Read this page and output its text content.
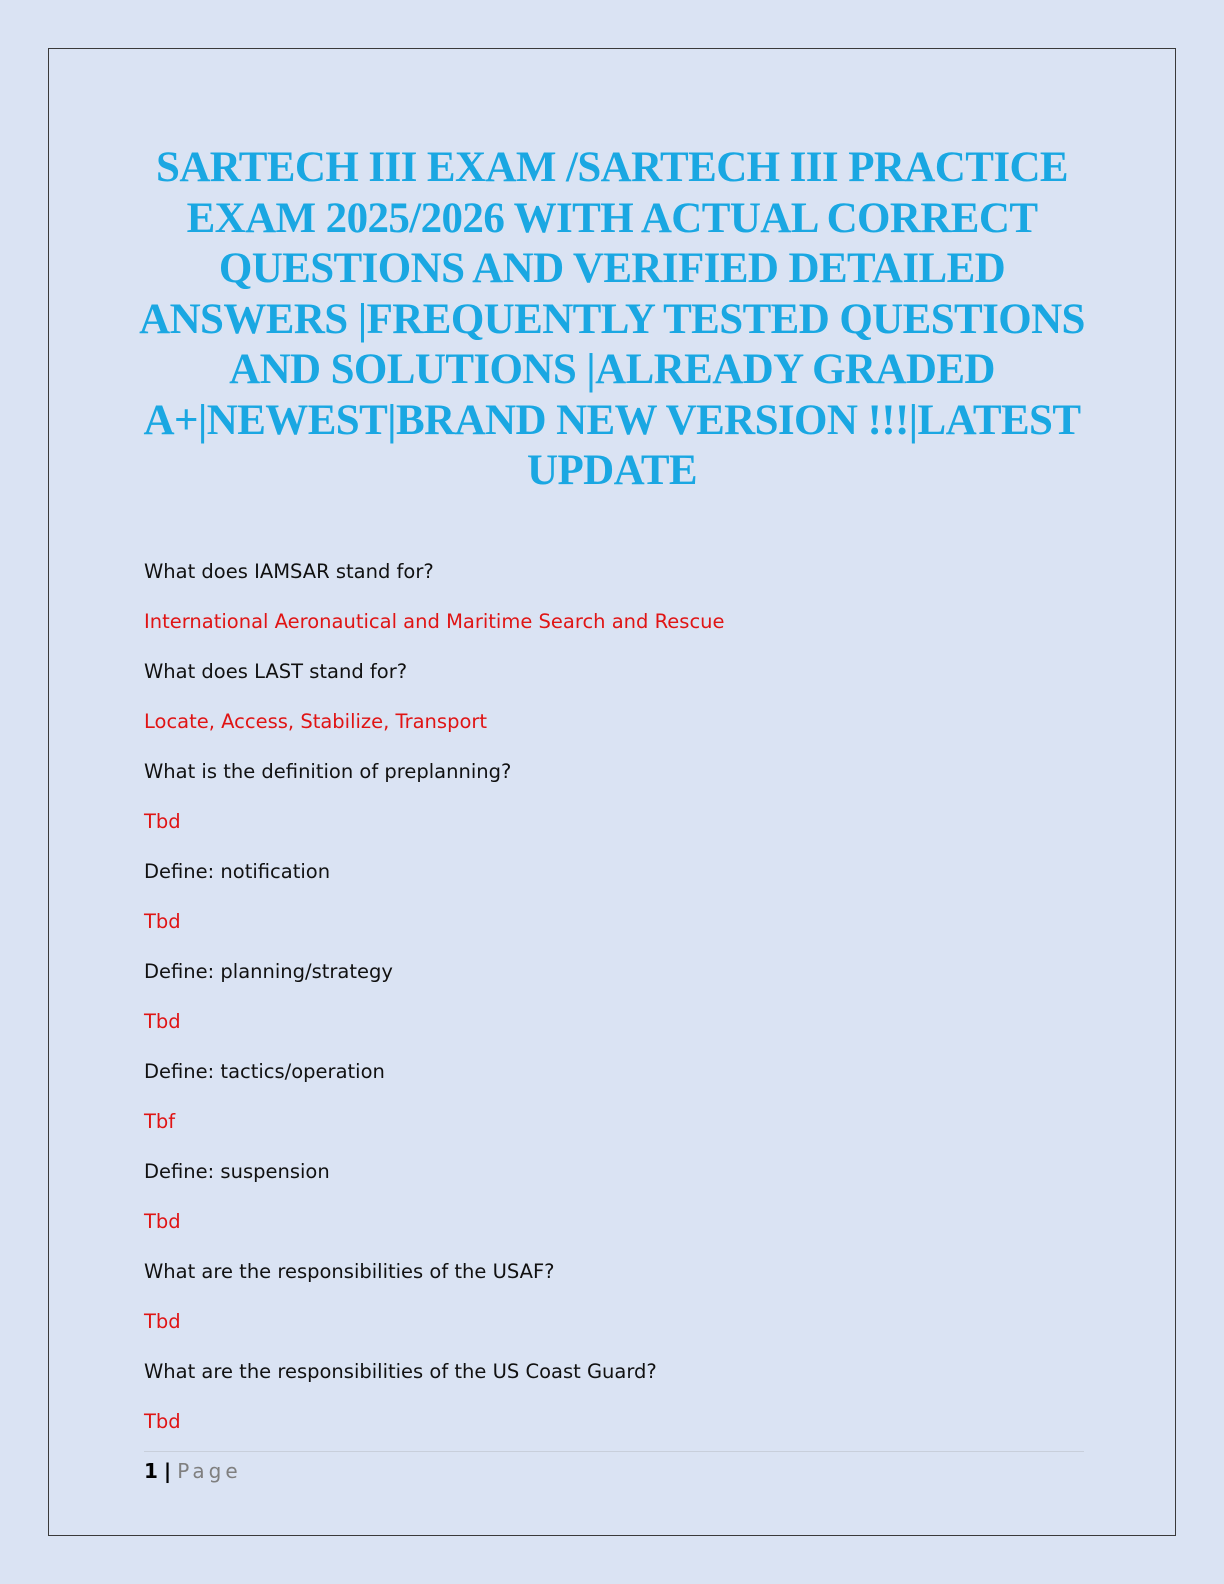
SARTECH III EXAM /SARTECH III PRACTICE EXAM 2025/2026 WITH ACTUAL CORRECT QUESTIONS AND VERIFIED DETAILED ANSWERS |FREQUENTLY TESTED QUESTIONS AND SOLUTIONS |ALREADY GRADED A+|NEWEST|BRAND NEW VERSION !!!|LATEST UPDATE
What does IAMSAR stand for?
International Aeronautical and Maritime Search and Rescue
What does LAST stand for?
Locate, Access, Stabilize, Transport
What is the definition of preplanning?
Tbd
Define: notification
Tbd
Define: planning/strategy
Tbd
Define: tactics/operation
Tbf
Define: suspension
Tbd
What are the responsibilities of the USAF?
Tbd
What are the responsibilities of the US Coast Guard?
Tbd
1 | Page
